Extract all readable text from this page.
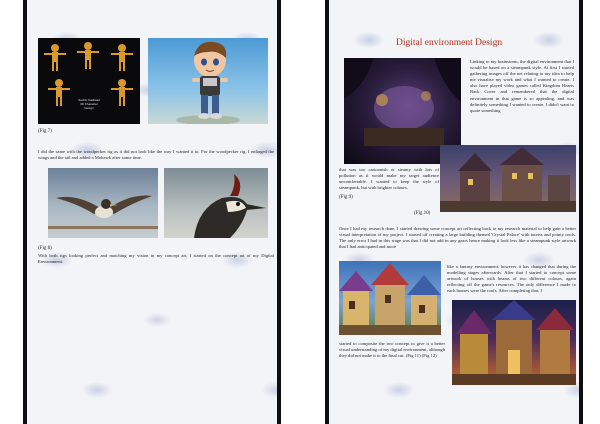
Sachin Gaikwad 3D Character Design
(Fig 7)

I did the same with the woodpecker rig as it did not look like the way I wanted it to. For the woodpecker rig, I enlarged the wings and the tail and added a Mohawk after some time.

(Fig 8)

With both rigs looking perfect and matching my vision in my concept art, I started on the concept art of my Digital Environment.

Digital environment Design

Linking to my brainstorm, the digital environment that I would be based on a steampunk style. At first I started gathering images off the net relating to my idea to help me visualise my work and what I wanted to create. I also have played video games called Kingdom Hearts Back Cover and remembered that the digital environment in that game is so appealing, and was definitely something I wanted to create. I didn't want to quote something

that was too cartoonish or steamy with lots of pollution as it would make my target audience uncomfortable. I wanted to keep the style of steampunk, but with brighter colours.

(Fig 9)
(Fig 10)

Once I had my research done, I started drawing some concept art reflecting back to my research material to help gain a better visual interpretation of my project. I started off creating a large building themed 'Crystal Palace' with turrets and pointy roofs. The only error I had in this stage was that I did not add in any gears hence making it look less like a steampunk style artwork that I had anticipated and more

like a fantasy environment, however it has changed that during the modelling stages afterwards. After that I started to concept some artwork of houses with beams of two different colours, again reflecting off the game's resources. The only difference I made to each houses were the roofs. After completing that, I

started to composite the two concept to give it a better visual understanding of my digital environment, although they did not make it to the final cut. (Fig 11) (Fig 12)
